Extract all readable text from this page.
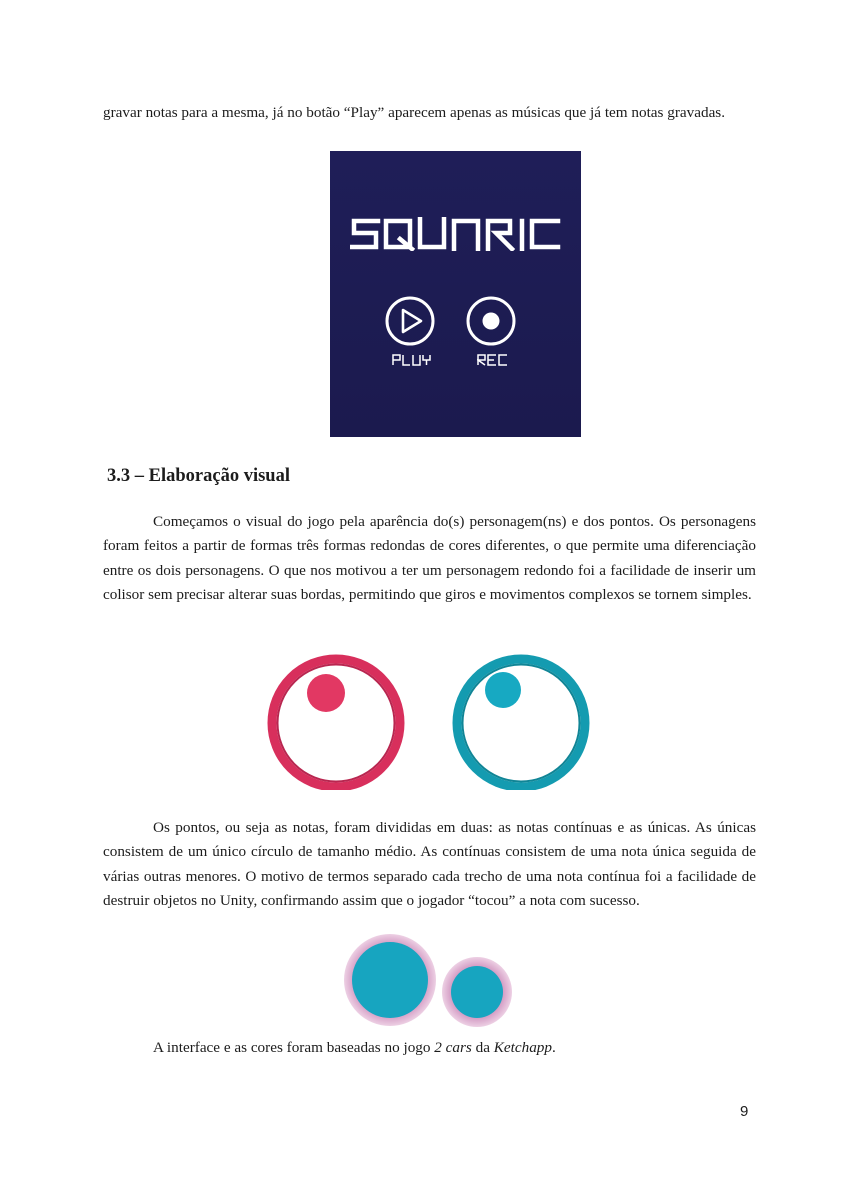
gravar notas para a mesma, já no botão “Play” aparecem apenas as músicas que já tem notas gravadas.

3.3 – Elaboração visual

Começamos o visual do jogo pela aparência do(s) personagem(ns) e dos pontos. Os personagens foram feitos a partir de formas três formas redondas de cores diferentes, o que permite uma diferenciação entre os dois personagens. O que nos motivou a ter um personagem redondo foi a facilidade de inserir um colisor sem precisar alterar suas bordas, permitindo que giros e movimentos complexos se tornem simples.

Os pontos, ou seja as notas, foram divididas em duas: as notas contínuas e as únicas. As únicas consistem de um único círculo de tamanho médio. As contínuas consistem de uma nota única seguida de várias outras menores. O motivo de termos separado cada trecho de uma nota contínua foi a facilidade de destruir objetos no Unity, confirmando assim que o jogador “tocou” a nota com sucesso.

A interface e as cores foram baseadas no jogo 2 cars da Ketchapp.

9
